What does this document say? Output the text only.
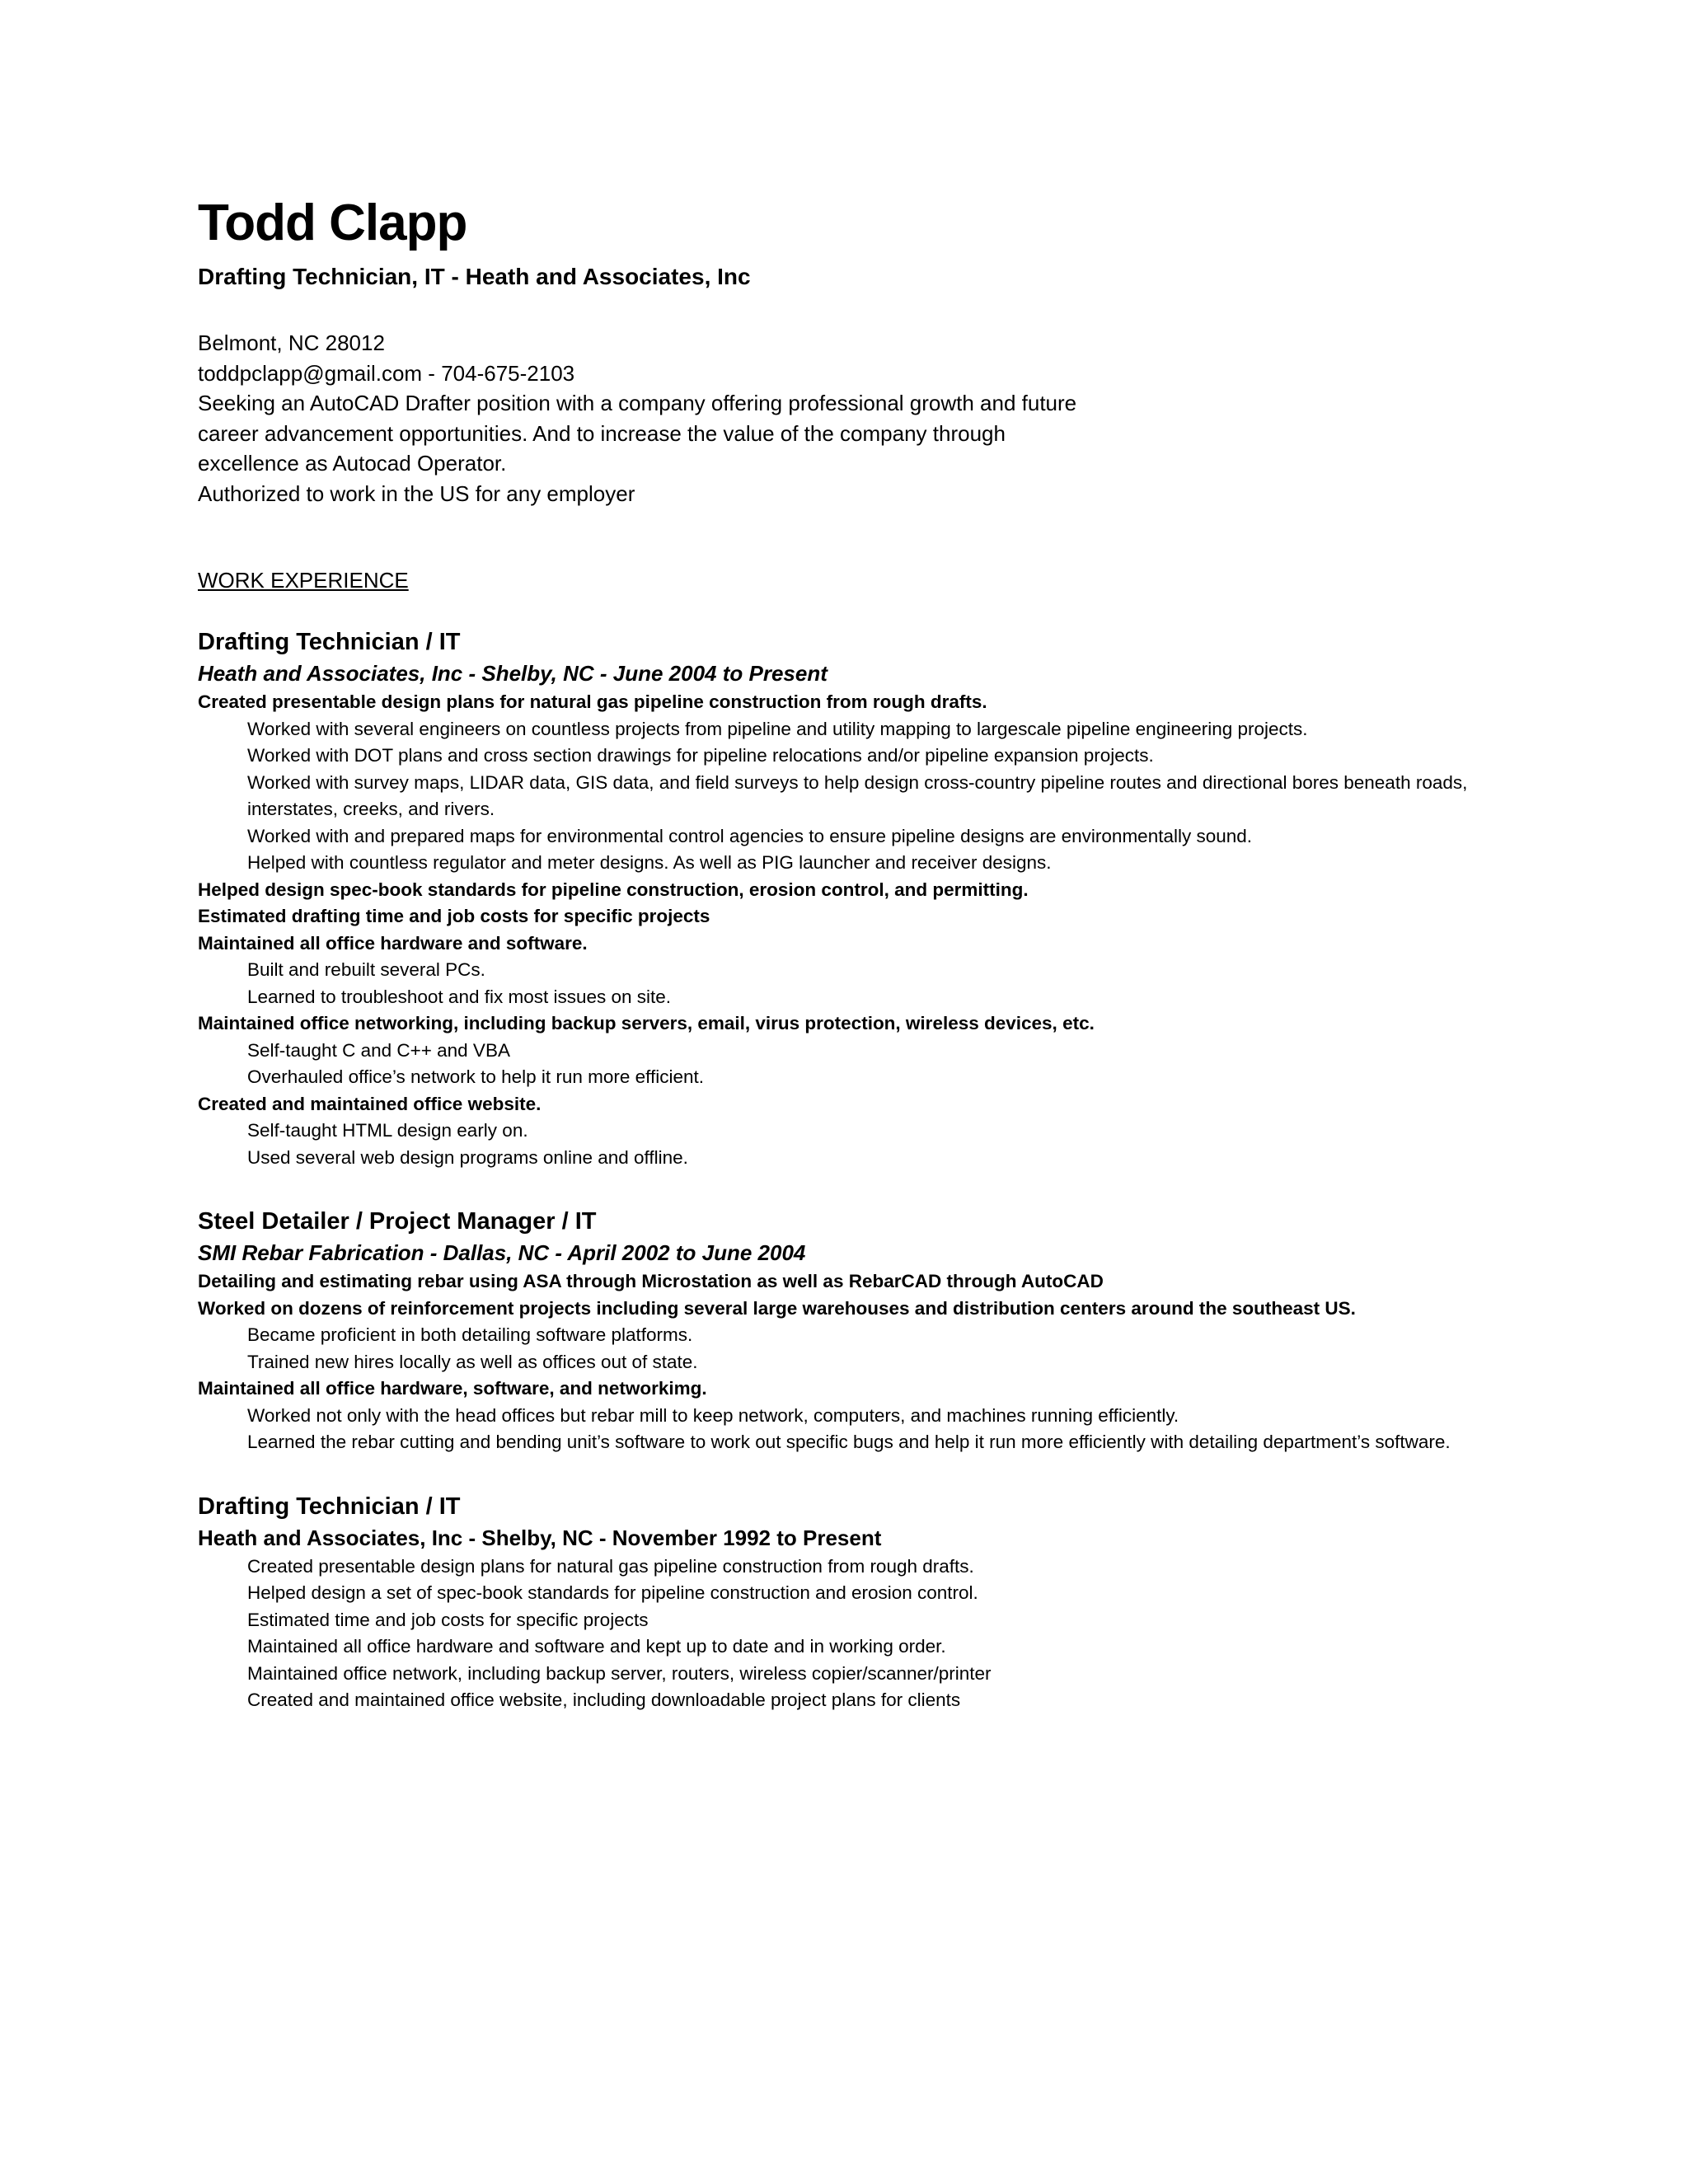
Todd Clapp
Drafting Technician, IT - Heath and Associates, Inc
Belmont, NC 28012
toddpclapp@gmail.com - 704-675-2103
Seeking an AutoCAD Drafter position with a company offering professional growth and future
career advancement opportunities. And to increase the value of the company through
excellence as Autocad Operator.
Authorized to work in the US for any employer
WORK EXPERIENCE
Drafting Technician / IT
Heath and Associates, Inc - Shelby, NC - June 2004 to Present
Created presentable design plans for natural gas pipeline construction from rough drafts.
Worked with several engineers on countless projects from pipeline and utility mapping to largescale pipeline engineering projects.
Worked with DOT plans and cross section drawings for pipeline relocations and/or pipeline expansion projects.
Worked with survey maps, LIDAR data, GIS data, and field surveys to help design cross-country pipeline routes and directional bores beneath roads, interstates, creeks, and rivers.
Worked with and prepared maps for environmental control agencies to ensure pipeline designs are environmentally sound.
Helped with countless regulator and meter designs. As well as PIG launcher and receiver designs.
Helped design spec-book standards for pipeline construction, erosion control, and permitting.
Estimated drafting time and job costs for specific projects
Maintained all office hardware and software.
Built and rebuilt several PCs.
Learned to troubleshoot and fix most issues on site.
Maintained office networking, including backup servers, email, virus protection, wireless devices, etc.
Self-taught C and C++ and VBA
Overhauled office’s network to help it run more efficient.
Created and maintained office website.
Self-taught HTML design early on.
Used several web design programs online and offline.
Steel Detailer / Project Manager / IT
SMI Rebar Fabrication - Dallas, NC - April 2002 to June 2004
Detailing and estimating rebar using ASA through Microstation as well as RebarCAD through AutoCAD
Worked on dozens of reinforcement projects including several large warehouses and distribution centers around the southeast US.
Became proficient in both detailing software platforms.
Trained new hires locally as well as offices out of state.
Maintained all office hardware, software, and networkimg.
Worked not only with the head offices but rebar mill to keep network, computers, and machines running efficiently.
Learned the rebar cutting and bending unit’s software to work out specific bugs and help it run more efficiently with detailing department’s software.
Drafting Technician / IT
Heath and Associates, Inc - Shelby, NC - November 1992 to Present
Created presentable design plans for natural gas pipeline construction from rough drafts.
Helped design a set of spec-book standards for pipeline construction and erosion control.
Estimated time and job costs for specific projects
Maintained all office hardware and software and kept up to date and in working order.
Maintained office network, including backup server, routers, wireless copier/scanner/printer
Created and maintained office website, including downloadable project plans for clients
